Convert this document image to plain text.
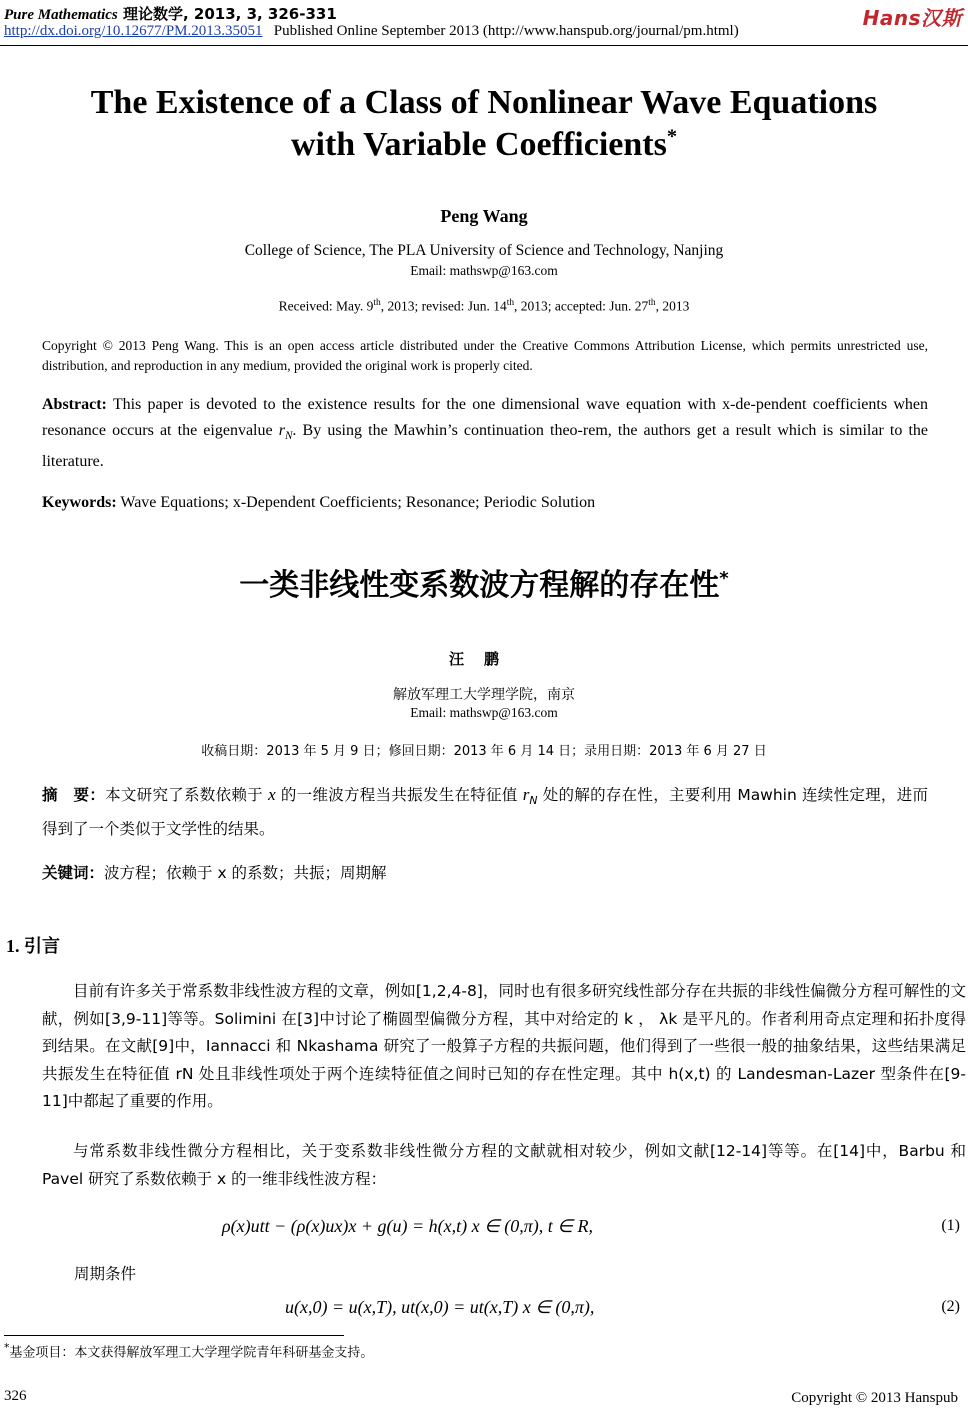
Pure Mathematics 理论数学, 2013, 3, 326-331
http://dx.doi.org/10.12677/PM.2013.35051 Published Online September 2013 (http://www.hanspub.org/journal/pm.html)
Hans汉斯
The Existence of a Class of Nonlinear Wave Equations
with Variable Coefficients*
Peng Wang
College of Science, The PLA University of Science and Technology, Nanjing
Email: mathswp@163.com
Received: May. 9th, 2013; revised: Jun. 14th, 2013; accepted: Jun. 27th, 2013
Copyright © 2013 Peng Wang. This is an open access article distributed under the Creative Commons Attribution License, which permits unrestricted use, distribution, and reproduction in any medium, provided the original work is properly cited.
Abstract: This paper is devoted to the existence results for the one dimensional wave equation with x-de-pendent coefficients when resonance occurs at the eigenvalue $r_N$. By using the Mawhin’s continuation theo-rem, the authors get a result which is similar to the literature.
Keywords: Wave Equations; x-Dependent Coefficients; Resonance; Periodic Solution
一类非线性变系数波方程解的存在性*
汪鹏
解放军理工大学理学院，南京
Email: mathswp@163.com
收稿日期：2013 年 5 月 9 日；修回日期：2013 年 6 月 14 日；录用日期：2013 年 6 月 27 日
摘　要：本文研究了系数依赖于 x 的一维波方程当共振发生在特征值 $r_N$ 处的解的存在性，主要利用 Mawhin 连续性定理，进而得到了一个类似于文学性的结果。
关键词：波方程；依赖于 x 的系数；共振；周期解
1. 引言
目前有许多关于常系数非线性波方程的文章，例如[1,2,4-8]，同时也有很多研究线性部分存在共振的非线性偏微分方程可解性的文献，例如[3,9-11]等等。Solimini 在[3]中讨论了椭圆型偏微分方程，其中对给定的 k ， λk 是平凡的。作者利用奇点定理和拓扑度得到结果。在文献[9]中，Iannacci 和 Nkashama 研究了一般算子方程的共振问题，他们得到了一些很一般的抽象结果，这些结果满足共振发生在特征值 rN 处且非线性项处于两个连续特征值之间时已知的存在性定理。其中 h(x,t) 的 Landesman-Lazer 型条件在[9-11]中都起了重要的作用。
与常系数非线性微分方程相比，关于变系数非线性微分方程的文献就相对较少，例如文献[12-14]等等。在[14]中，Barbu 和 Pavel 研究了系数依赖于 x 的一维非线性波方程：
ρ(x)utt − (ρ(x)ux)x + g(u) = h(x,t) x ∈ (0,π), t ∈ R,	(1)
周期条件
u(x,0) = u(x,T), ut(x,0) = ut(x,T) x ∈ (0,π),	(2)
*基金项目：本文获得解放军理工大学理学院青年科研基金支持。
326	Copyright © 2013 Hanspub
